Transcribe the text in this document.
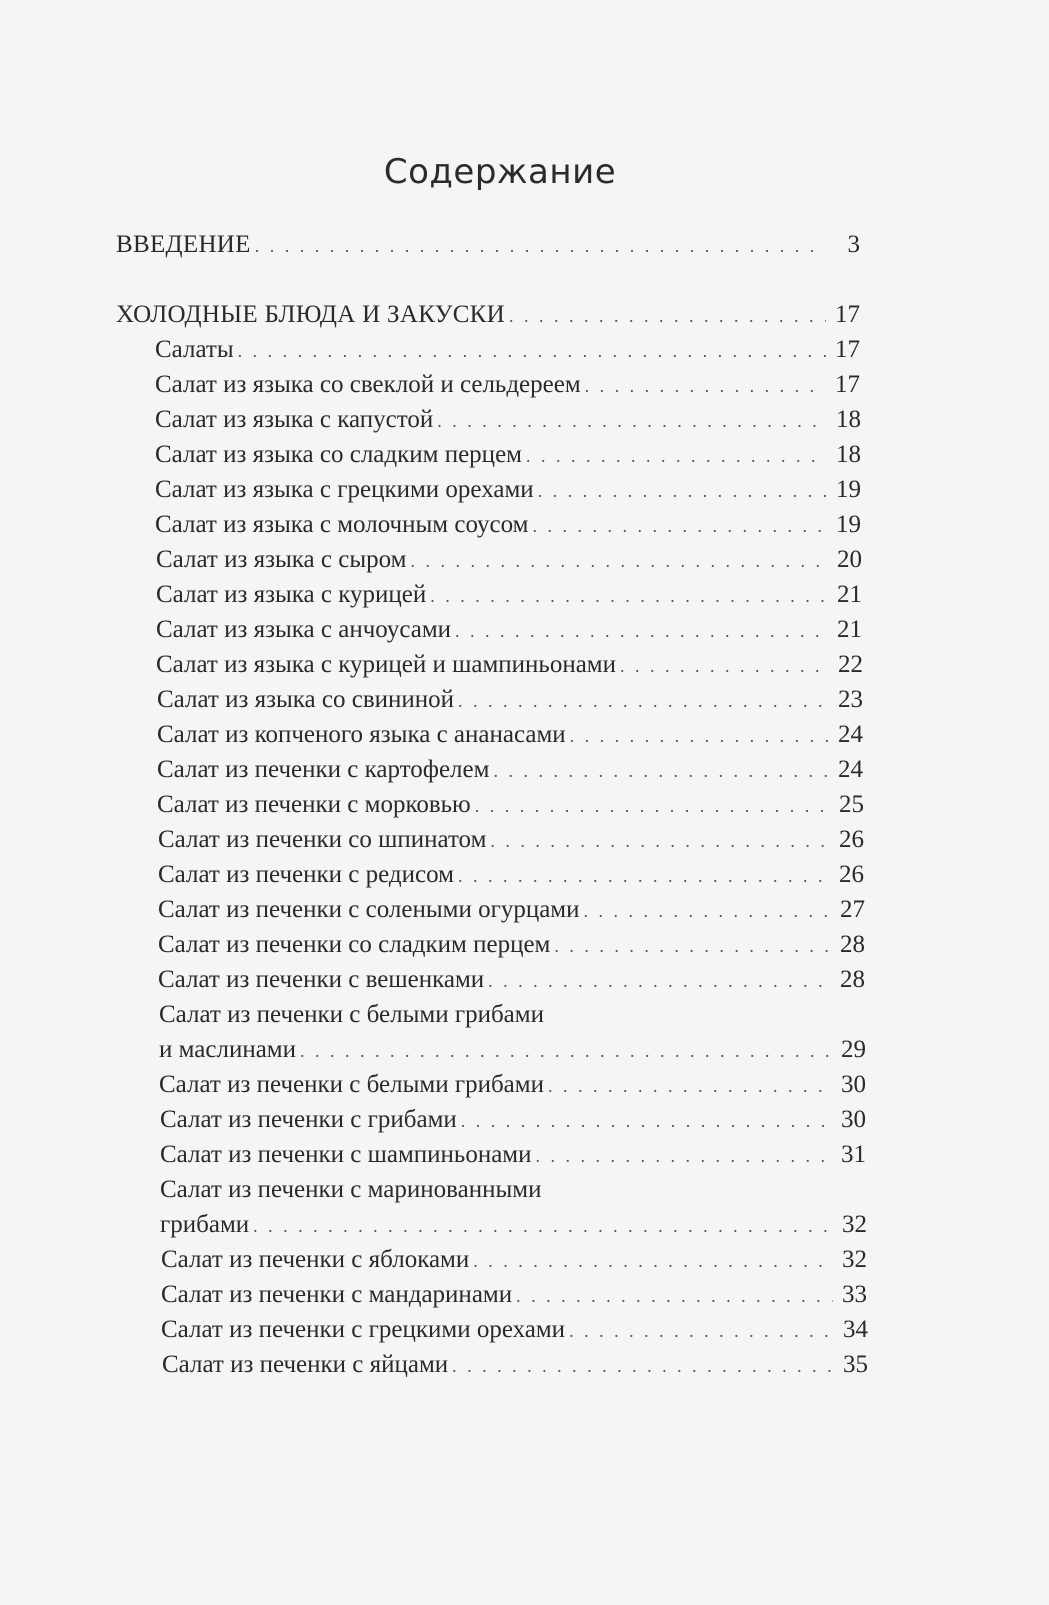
Содержание
ВВЕДЕНИЕ . . .	3
ХОЛОДНЫЕ БЛЮДА И ЗАКУСКИ . . .	17
Салаты . . .	17
Салат из языка со свеклой и сельдереем . . .	17
Салат из языка с капустой . . .	18
Салат из языка со сладким перцем . . .	18
Салат из языка с грецкими орехами . . .	19
Салат из языка с молочным соусом . . .	19
Салат из языка с сыром . . .	20
Салат из языка с курицей . . .	21
Салат из языка с анчоусами . . .	21
Салат из языка с курицей и шампиньонами . . .	22
Салат из языка со свининой . . .	23
Салат из копченого языка с ананасами . . .	24
Салат из печенки с картофелем . . .	24
Салат из печенки с морковью . . .	25
Салат из печенки со шпинатом . . .	26
Салат из печенки с редисом . . .	26
Салат из печенки с солеными огурцами . . .	27
Салат из печенки со сладким перцем . . .	28
Салат из печенки с вешенками . . .	28
Салат из печенки с белыми грибами
и маслинами . . .	29
Салат из печенки с белыми грибами . . .	30
Салат из печенки с грибами . . .	30
Салат из печенки с шампиньонами . . .	31
Салат из печенки с маринованными
грибами . . .	32
Салат из печенки с яблоками . . .	32
Салат из печенки с мандаринами . . .	33
Салат из печенки с грецкими орехами . . .	34
Салат из печенки с яйцами . . .	35
